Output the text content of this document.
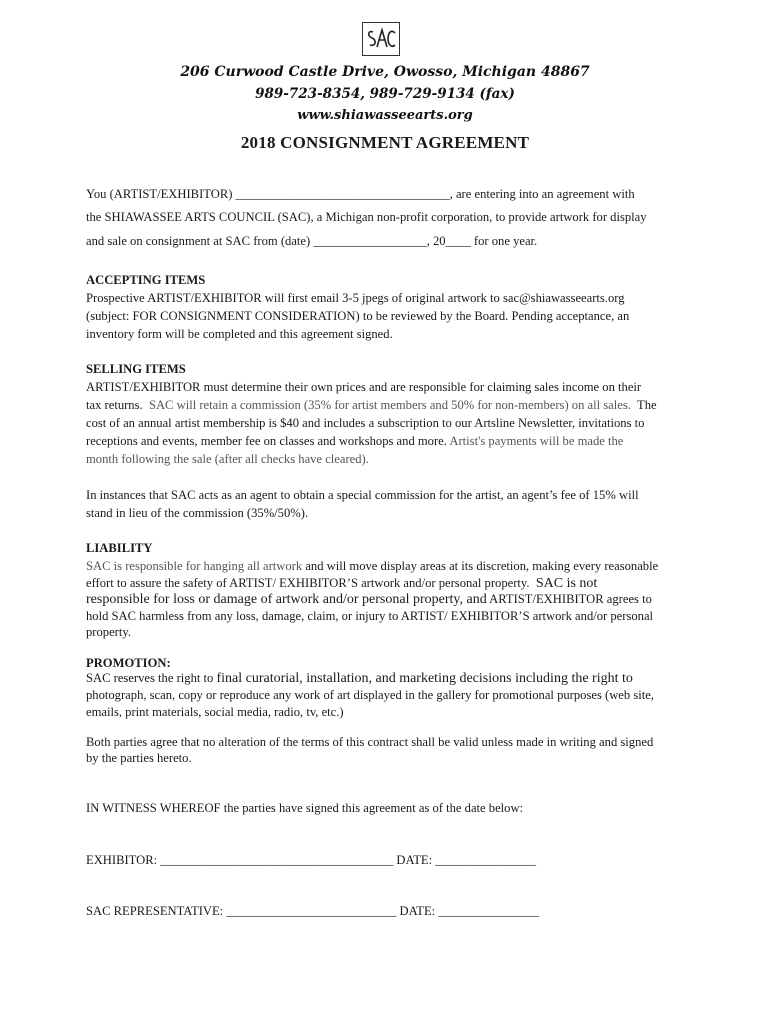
206 Curwood Castle Drive, Owosso, Michigan 48867
989-723-8354, 989-729-9134 (fax)
www.shiawasseearts.org
2018 CONSIGNMENT AGREEMENT
You (ARTIST/EXHIBITOR) __________________________________, are entering into an agreement with
the SHIAWASSEE ARTS COUNCIL (SAC), a Michigan non-profit corporation, to provide artwork for display
and sale on consignment at SAC from (date) __________________, 20____ for one year.
ACCEPTING ITEMS
Prospective ARTIST/EXHIBITOR will first email 3-5 jpegs of original artwork to sac@shiawasseearts.org
(subject: FOR CONSIGNMENT CONSIDERATION) to be reviewed by the Board. Pending acceptance, an
inventory form will be completed and this agreement signed.
SELLING ITEMS
ARTIST/EXHIBITOR must determine their own prices and are responsible for claiming sales income on their
tax returns. SAC will retain a commission (35% for artist members and 50% for non-members) on all sales. The
cost of an annual artist membership is $40 and includes a subscription to our Artsline Newsletter, invitations to
receptions and events, member fee on classes and workshops and more. Artist's payments will be made the
month following the sale (after all checks have cleared).
In instances that SAC acts as an agent to obtain a special commission for the artist, an agent’s fee of 15% will
stand in lieu of the commission (35%/50%).
LIABILITY
SAC is responsible for hanging all artwork and will move display areas at its discretion, making every reasonable
effort to assure the safety of ARTIST/ EXHIBITOR’S artwork and/or personal property. SAC is not
responsible for loss or damage of artwork and/or personal property, and ARTIST/EXHIBITOR agrees to
hold SAC harmless from any loss, damage, claim, or injury to ARTIST/ EXHIBITOR’S artwork and/or personal
property.
PROMOTION:
SAC reserves the right to final curatorial, installation, and marketing decisions including the right to
photograph, scan, copy or reproduce any work of art displayed in the gallery for promotional purposes (web site,
emails, print materials, social media, radio, tv, etc.)
Both parties agree that no alteration of the terms of this contract shall be valid unless made in writing and signed
by the parties hereto.
IN WITNESS WHEREOF the parties have signed this agreement as of the date below:
EXHIBITOR: _____________________________________ DATE: ________________
SAC REPRESENTATIVE: ___________________________ DATE: ________________
